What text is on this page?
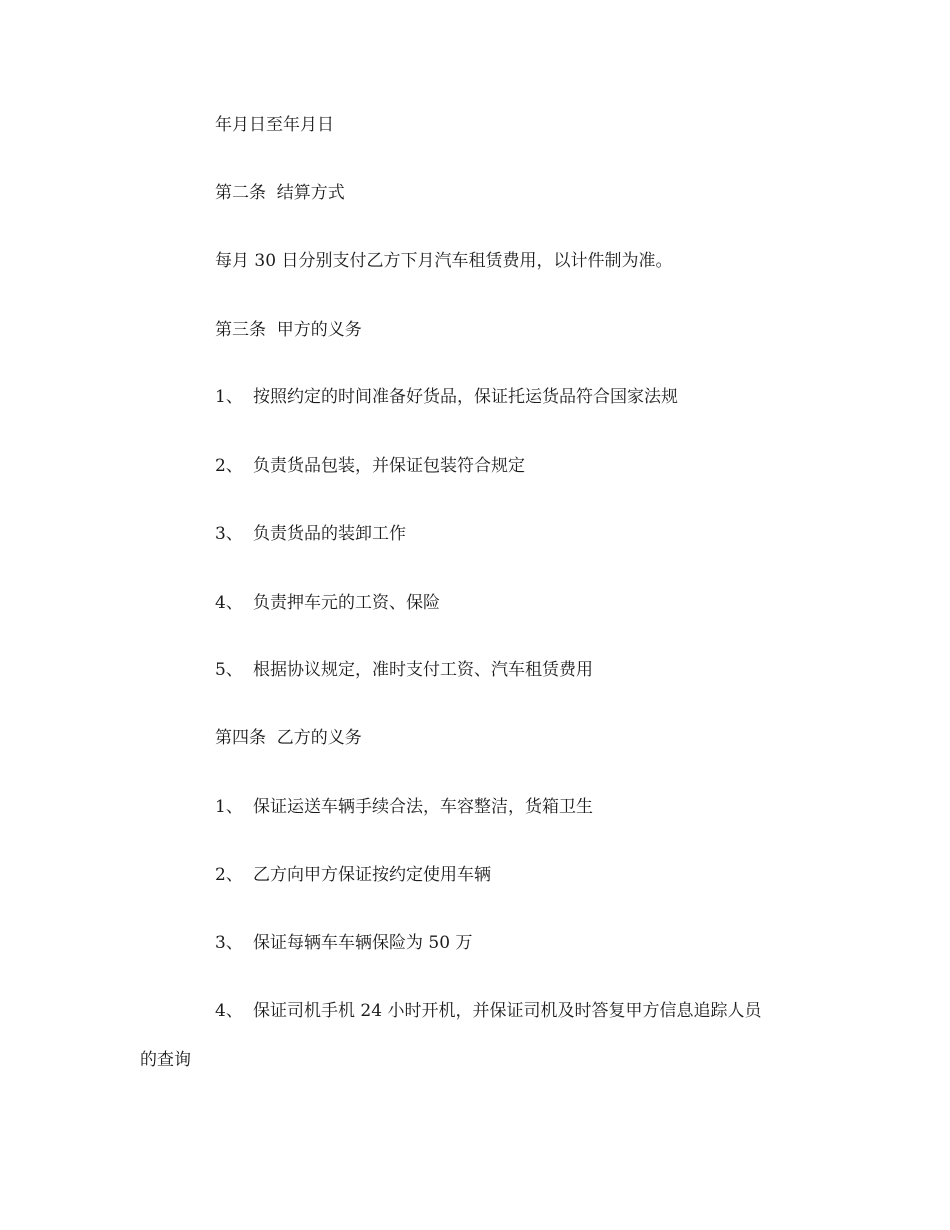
年月日至年月日

第二条  结算方式

每月 30 日分别支付乙方下月汽车租赁费用，以计件制为准。

第三条  甲方的义务

1、 按照约定的时间准备好货品，保证托运货品符合国家法规

2、 负责货品包装，并保证包装符合规定

3、 负责货品的装卸工作

4、 负责押车元的工资、保险

5、 根据协议规定，准时支付工资、汽车租赁费用

第四条  乙方的义务

1、 保证运送车辆手续合法，车容整洁，货箱卫生

2、 乙方向甲方保证按约定使用车辆

3、 保证每辆车车辆保险为 50 万

4、 保证司机手机 24 小时开机，并保证司机及时答复甲方信息追踪人员

的查询
